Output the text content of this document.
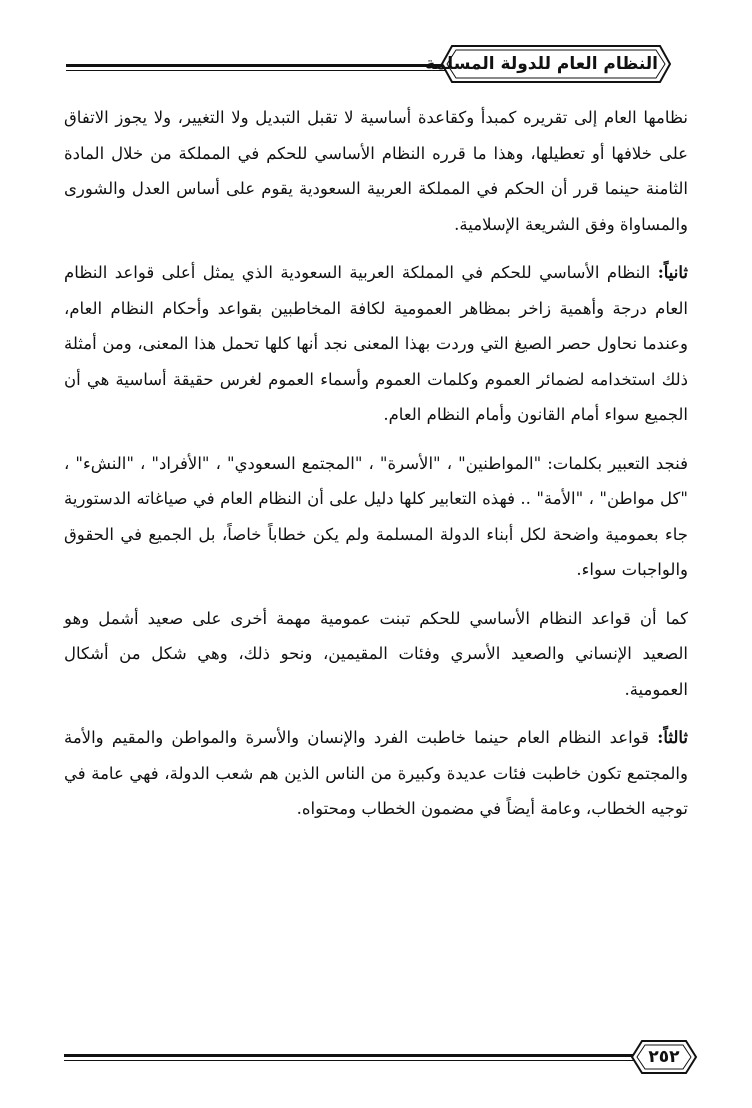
النظام العام للدولة المسلمة

نظامها العام إلى تقريره كمبدأ وكقاعدة أساسية لا تقبل التبديل ولا التغيير، ولا يجوز الاتفاق على خلافها أو تعطيلها، وهذا ما قرره النظام الأساسي للحكم في المملكة من خلال المادة الثامنة حينما قرر أن الحكم في المملكة العربية السعودية يقوم على أساس العدل والشورى والمساواة وفق الشريعة الإسلامية.

ثانياً: النظام الأساسي للحكم في المملكة العربية السعودية الذي يمثل أعلى قواعد النظام العام درجة وأهمية زاخر بمظاهر العمومية لكافة المخاطبين بقواعد وأحكام النظام العام، وعندما نحاول حصر الصيغ التي وردت بهذا المعنى نجد أنها كلها تحمل هذا المعنى، ومن أمثلة ذلك استخدامه لضمائر العموم وكلمات العموم وأسماء العموم لغرس حقيقة أساسية هي أن الجميع سواء أمام القانون وأمام النظام العام.

فنجد التعبير بكلمات: "المواطنين" ، "الأسرة" ، "المجتمع السعودي" ، "الأفراد" ، "النشء" ، "كل مواطن" ، "الأمة" .. فهذه التعابير كلها دليل على أن النظام العام في صياغاته الدستورية جاء بعمومية واضحة لكل أبناء الدولة المسلمة ولم يكن خطاباً خاصاً، بل الجميع في الحقوق والواجبات سواء.

كما أن قواعد النظام الأساسي للحكم تبنت عمومية مهمة أخرى على صعيد أشمل وهو الصعيد الإنساني والصعيد الأسري وفئات المقيمين، ونحو ذلك، وهي شكل من أشكال العمومية.

ثالثاً: قواعد النظام العام حينما خاطبت الفرد والإنسان والأسرة والمواطن والمقيم والأمة والمجتمع تكون خاطبت فئات عديدة وكبيرة من الناس الذين هم شعب الدولة، فهي عامة في توجيه الخطاب، وعامة أيضاً في مضمون الخطاب ومحتواه.

٢٥٢
